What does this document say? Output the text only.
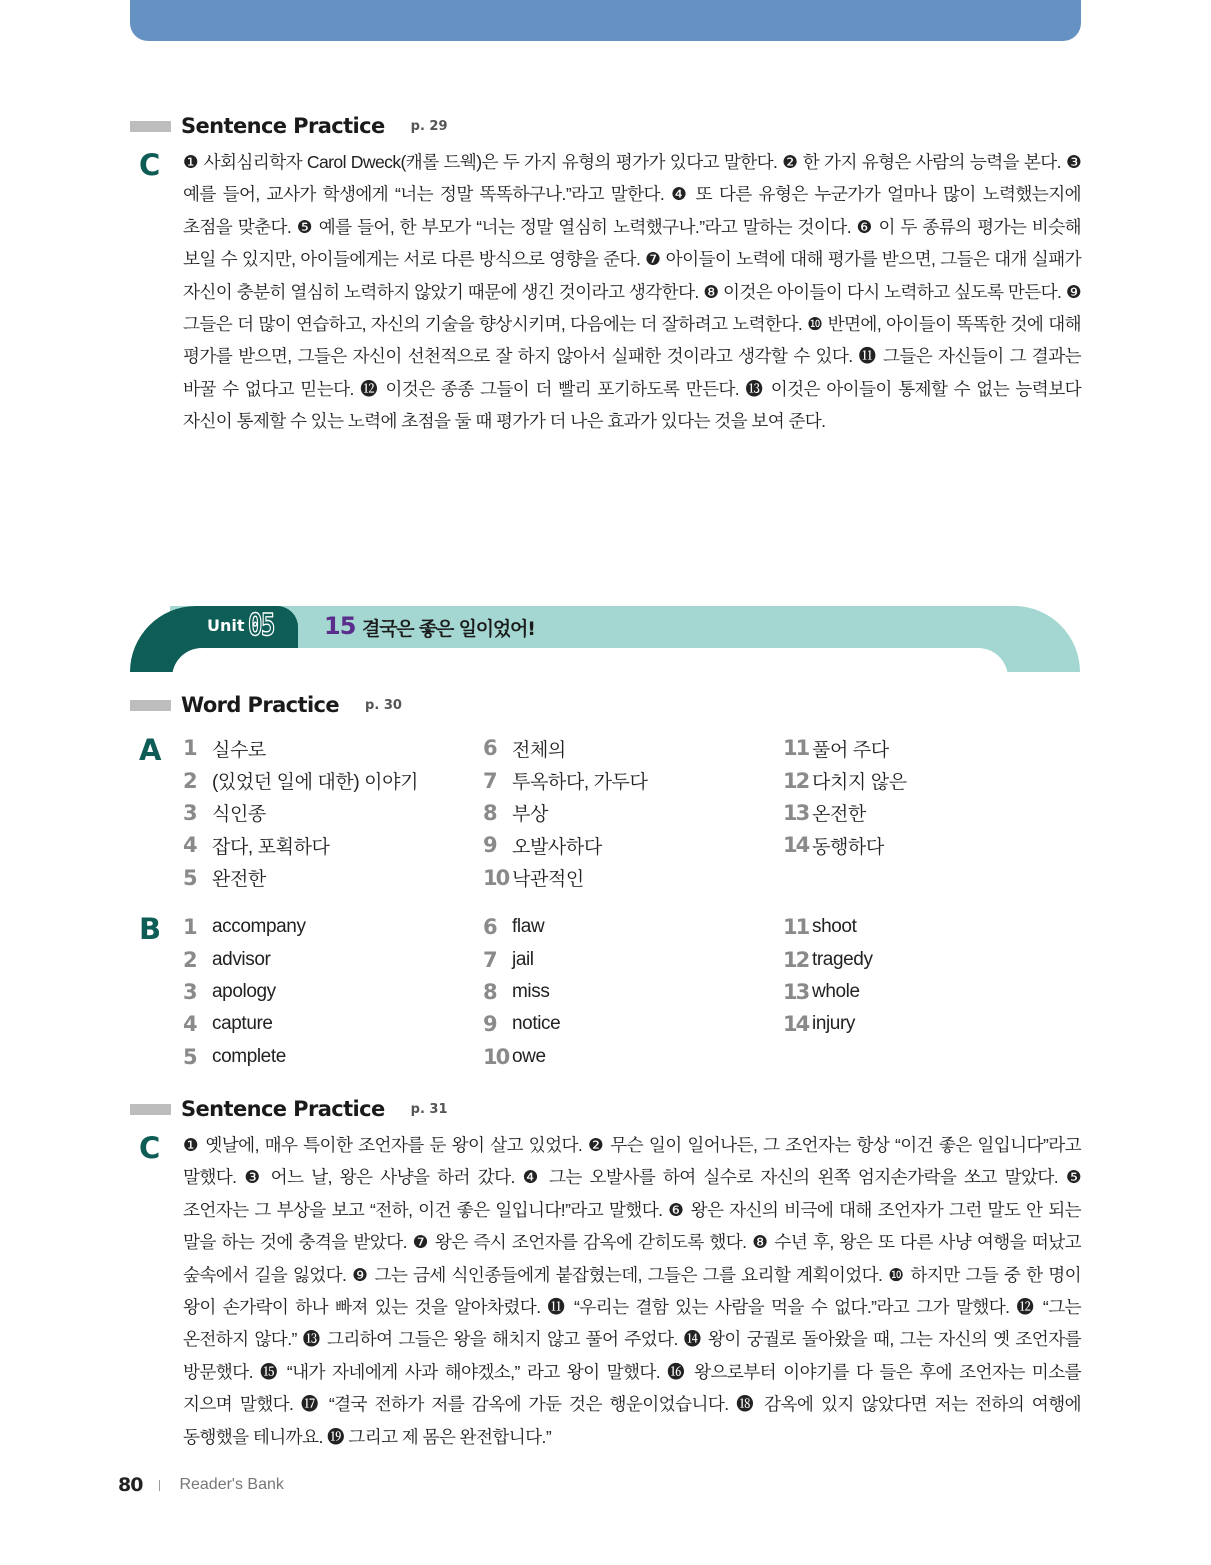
Sentence Practice p. 29
C ❶ 사회심리학자 Carol Dweck(캐롤 드웩)은 두 가지 유형의 평가가 있다고 말한다. ❷ 한 가지 유형은 사람의 능력을 본다. ❸ 예를 들어, 교사가 학생에게 “너는 정말 똑똑하구나.”라고 말한다. ❹ 또 다른 유형은 누군가가 얼마나 많이 노력했는지에 초점을 맞춘다. ❺ 예를 들어, 한 부모가 “너는 정말 열심히 노력했구나.”라고 말하는 것이다. ❻ 이 두 종류의 평가는 비슷해 보일 수 있지만, 아이들에게는 서로 다른 방식으로 영향을 준다. ❼ 아이들이 노력에 대해 평가를 받으면, 그들은 대개 실패가 자신이 충분히 열심히 노력하지 않았기 때문에 생긴 것이라고 생각한다. ❽ 이것은 아이들이 다시 노력하고 싶도록 만든다. ❾ 그들은 더 많이 연습하고, 자신의 기술을 향상시키며, 다음에는 더 잘하려고 노력한다. ❿ 반면에, 아이들이 똑똑한 것에 대해 평가를 받으면, 그들은 자신이 선천적으로 잘 하지 않아서 실패한 것이라고 생각할 수 있다. ⓫ 그들은 자신들이 그 결과는 바꿀 수 없다고 믿는다. ⓬ 이것은 종종 그들이 더 빨리 포기하도록 만든다. ⓭ 이것은 아이들이 통제할 수 없는 능력보다 자신이 통제할 수 있는 노력에 초점을 둘 때 평가가 더 나은 효과가 있다는 것을 보여 준다.
Unit 05 15 결국은 좋은 일이었어!
Word Practice p. 30
A 1 실수로
2 (있었던 일에 대한) 이야기
3 식인종
4 잡다, 포획하다
5 완전한
6 전체의
7 투옥하다, 가두다
8 부상
9 오발사하다
10 낙관적인
11 풀어 주다
12 다치지 않은
13 온전한
14 동행하다
B 1 accompany
2 advisor
3 apology
4 capture
5 complete
6 flaw
7 jail
8 miss
9 notice
10 owe
11 shoot
12 tragedy
13 whole
14 injury
Sentence Practice p. 31
C ❶ 옛날에, 매우 특이한 조언자를 둔 왕이 살고 있었다. ❷ 무슨 일이 일어나든, 그 조언자는 항상 “이건 좋은 일입니다”라고 말했다. ❸ 어느 날, 왕은 사냥을 하러 갔다. ❹ 그는 오발사를 하여 실수로 자신의 왼쪽 엄지손가락을 쏘고 말았다. ❺ 조언자는 그 부상을 보고 “전하, 이건 좋은 일입니다!”라고 말했다. ❻ 왕은 자신의 비극에 대해 조언자가 그런 말도 안 되는 말을 하는 것에 충격을 받았다. ❼ 왕은 즉시 조언자를 감옥에 갇히도록 했다. ❽ 수년 후, 왕은 또 다른 사냥 여행을 떠났고 숲속에서 길을 잃었다. ❾ 그는 금세 식인종들에게 붙잡혔는데, 그들은 그를 요리할 계획이었다. ❿ 하지만 그들 중 한 명이 왕이 손가락이 하나 빠져 있는 것을 알아차렸다. ⓫ “우리는 결함 있는 사람을 먹을 수 없다.”라고 그가 말했다. ⓬ “그는 온전하지 않다.” ⓭ 그리하여 그들은 왕을 해치지 않고 풀어 주었다. ⓮ 왕이 궁궐로 돌아왔을 때, 그는 자신의 옛 조언자를 방문했다. ⓯ “내가 자네에게 사과 해야겠소,” 라고 왕이 말했다. ⓰ 왕으로부터 이야기를 다 들은 후에 조언자는 미소를 지으며 말했다. ⓱ “결국 전하가 저를 감옥에 가둔 것은 행운이었습니다. ⓲ 감옥에 있지 않았다면 저는 전하의 여행에 동행했을 테니까요. ⓳ 그리고 제 몸은 완전합니다.”
80 Reader's Bank
